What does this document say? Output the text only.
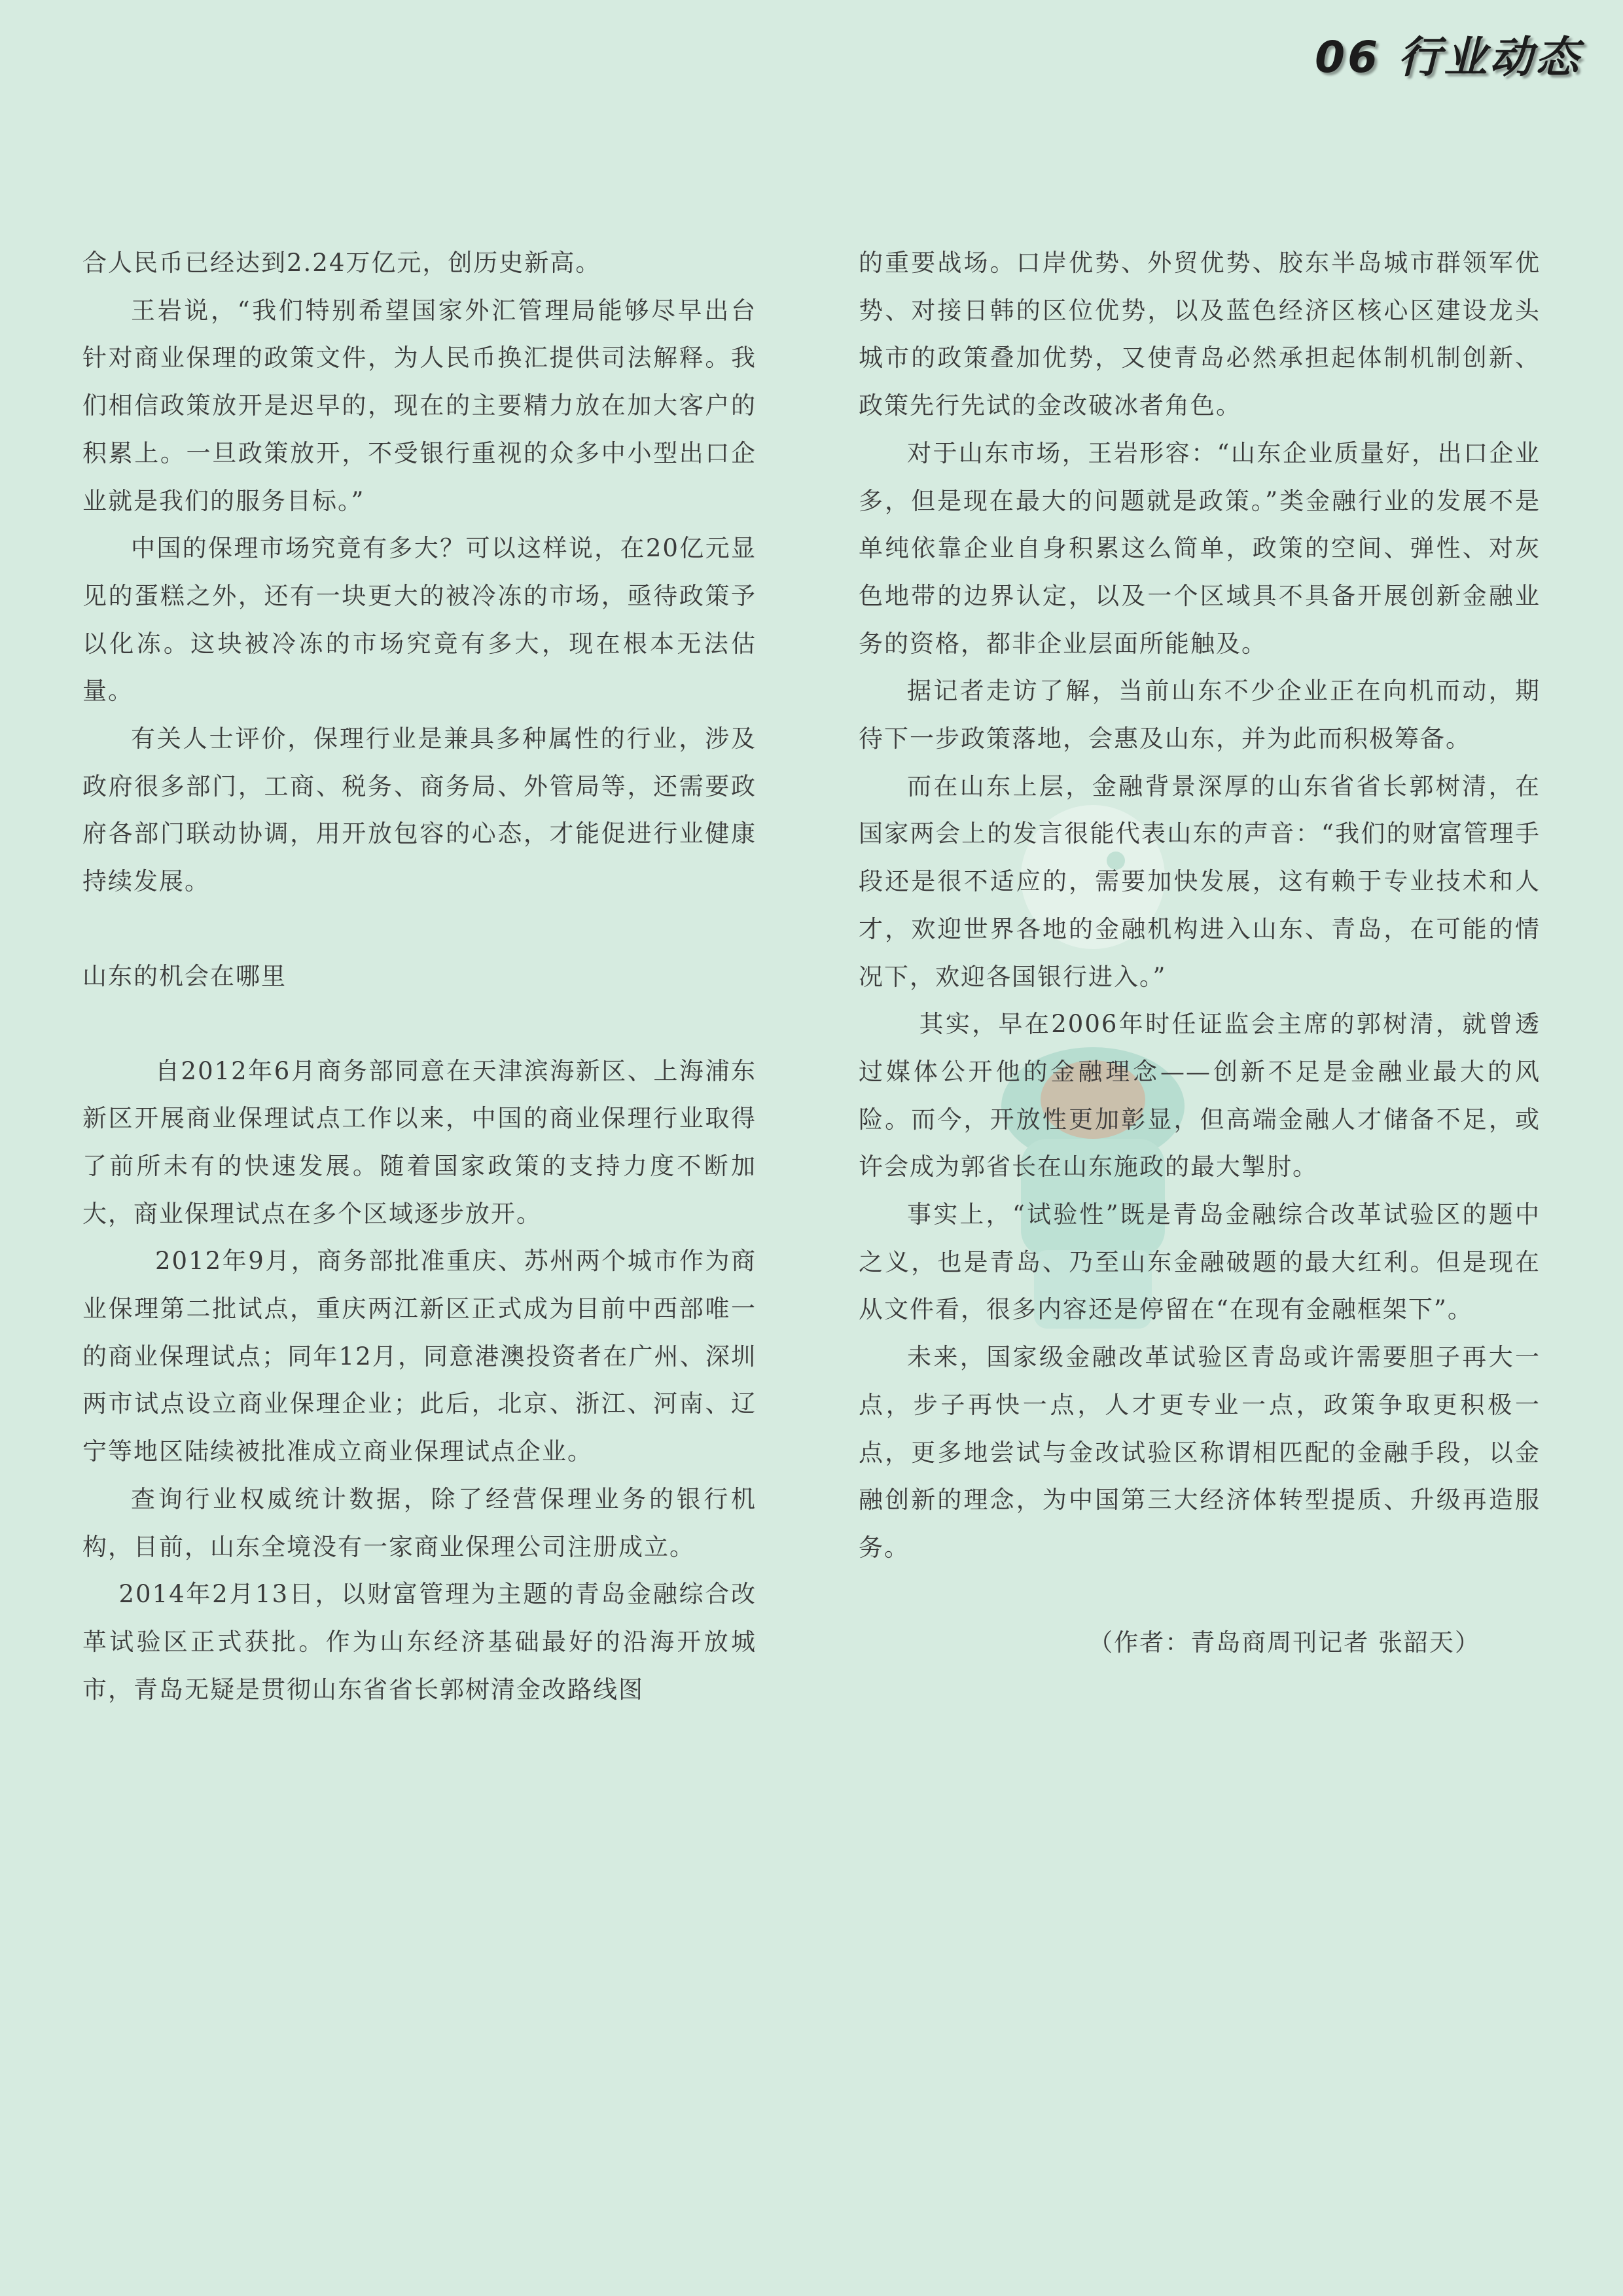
06 行业动态

合人民币已经达到2.24万亿元，创历史新高。

王岩说，“我们特别希望国家外汇管理局能够尽早出台针对商业保理的政策文件，为人民币换汇提供司法解释。我们相信政策放开是迟早的，现在的主要精力放在加大客户的积累上。一旦政策放开，不受银行重视的众多中小型出口企业就是我们的服务目标。”

中国的保理市场究竟有多大？可以这样说，在20亿元显见的蛋糕之外，还有一块更大的被冷冻的市场，亟待政策予以化冻。这块被冷冻的市场究竟有多大，现在根本无法估量。

有关人士评价，保理行业是兼具多种属性的行业，涉及政府很多部门，工商、税务、商务局、外管局等，还需要政府各部门联动协调，用开放包容的心态，才能促进行业健康持续发展。

山东的机会在哪里

自2012年6月商务部同意在天津滨海新区、上海浦东新区开展商业保理试点工作以来，中国的商业保理行业取得了前所未有的快速发展。随着国家政策的支持力度不断加大，商业保理试点在多个区域逐步放开。

2012年9月，商务部批准重庆、苏州两个城市作为商业保理第二批试点，重庆两江新区正式成为目前中西部唯一的商业保理试点；同年12月，同意港澳投资者在广州、深圳两市试点设立商业保理企业；此后，北京、浙江、河南、辽宁等地区陆续被批准成立商业保理试点企业。

查询行业权威统计数据，除了经营保理业务的银行机构，目前，山东全境没有一家商业保理公司注册成立。

2014年2月13日，以财富管理为主题的青岛金融综合改革试验区正式获批。作为山东经济基础最好的沿海开放城市，青岛无疑是贯彻山东省省长郭树清金改路线图

的重要战场。口岸优势、外贸优势、胶东半岛城市群领军优势、对接日韩的区位优势，以及蓝色经济区核心区建设龙头城市的政策叠加优势，又使青岛必然承担起体制机制创新、政策先行先试的金改破冰者角色。

对于山东市场，王岩形容：“山东企业质量好，出口企业多，但是现在最大的问题就是政策。”类金融行业的发展不是单纯依靠企业自身积累这么简单，政策的空间、弹性、对灰色地带的边界认定，以及一个区域具不具备开展创新金融业务的资格，都非企业层面所能触及。

据记者走访了解，当前山东不少企业正在向机而动，期待下一步政策落地，会惠及山东，并为此而积极筹备。

而在山东上层，金融背景深厚的山东省省长郭树清，在国家两会上的发言很能代表山东的声音：“我们的财富管理手段还是很不适应的，需要加快发展，这有赖于专业技术和人才，欢迎世界各地的金融机构进入山东、青岛，在可能的情况下，欢迎各国银行进入。”

其实，早在2006年时任证监会主席的郭树清，就曾透过媒体公开他的金融理念——创新不足是金融业最大的风险。而今，开放性更加彰显，但高端金融人才储备不足，或许会成为郭省长在山东施政的最大掣肘。

事实上，“试验性”既是青岛金融综合改革试验区的题中之义，也是青岛、乃至山东金融破题的最大红利。但是现在从文件看，很多内容还是停留在“在现有金融框架下”。

未来，国家级金融改革试验区青岛或许需要胆子再大一点，步子再快一点，人才更专业一点，政策争取更积极一点，更多地尝试与金改试验区称谓相匹配的金融手段，以金融创新的理念，为中国第三大经济体转型提质、升级再造服务。

（作者：青岛商周刊记者 张韶天）
